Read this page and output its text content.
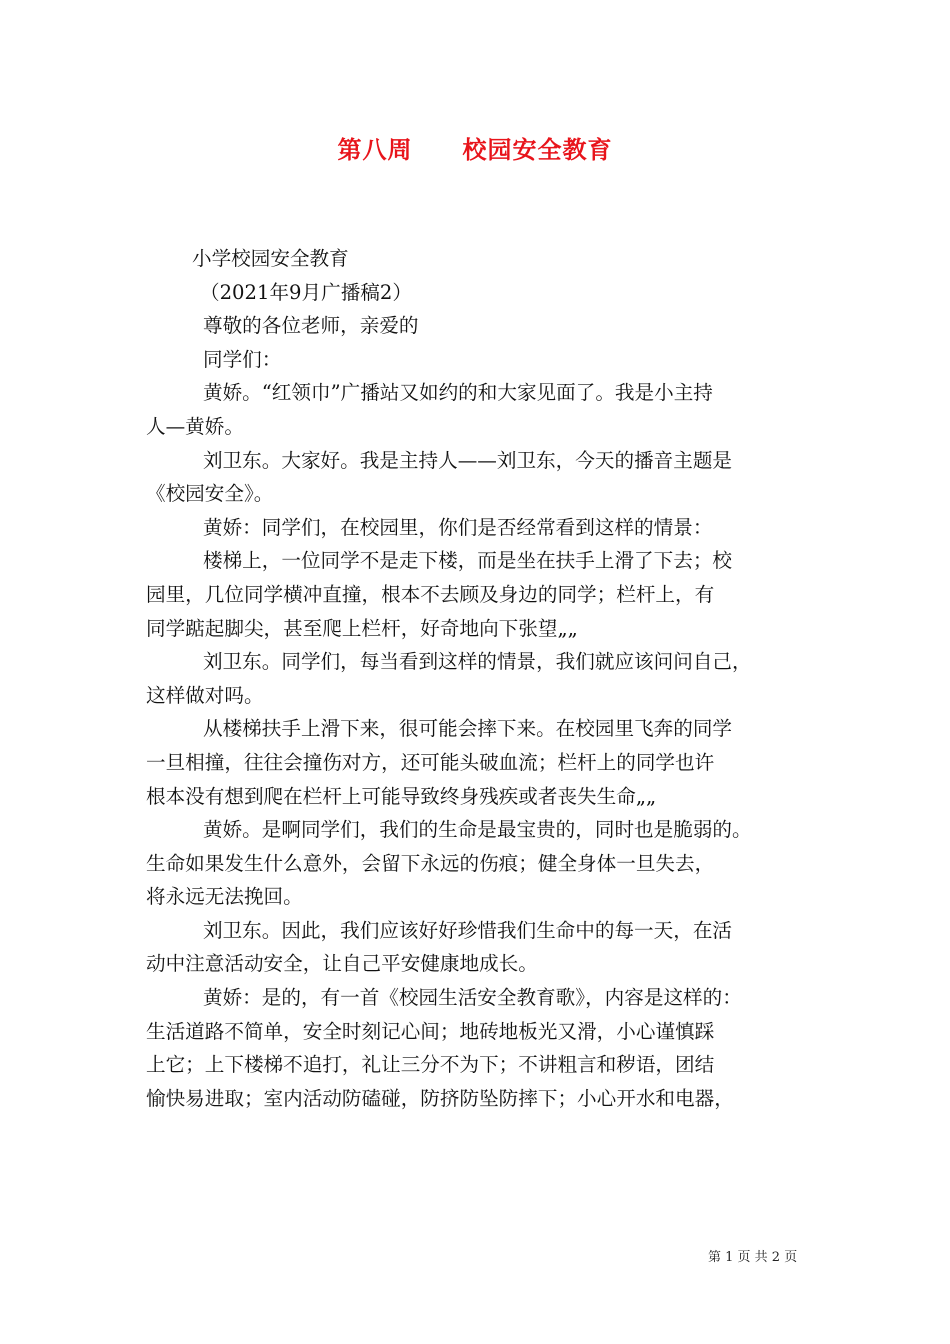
第八周　　校园安全教育
小学校园安全教育
（2021年9月广播稿2）
尊敬的各位老师，亲爱的
同学们：
黄娇。“红领巾”广播站又如约的和大家见面了。我是小主持
人—黄娇。
刘卫东。大家好。我是主持人——刘卫东，今天的播音主题是
《校园安全》。
黄娇：同学们，在校园里，你们是否经常看到这样的情景：
楼梯上，一位同学不是走下楼，而是坐在扶手上滑了下去；校
园里，几位同学横冲直撞，根本不去顾及身边的同学；栏杆上，有
同学踮起脚尖，甚至爬上栏杆，好奇地向下张望„„
刘卫东。同学们，每当看到这样的情景，我们就应该问问自己，
这样做对吗。
从楼梯扶手上滑下来，很可能会摔下来。在校园里飞奔的同学
一旦相撞，往往会撞伤对方，还可能头破血流；栏杆上的同学也许
根本没有想到爬在栏杆上可能导致终身残疾或者丧失生命„„
黄娇。是啊同学们，我们的生命是最宝贵的，同时也是脆弱的。
生命如果发生什么意外，会留下永远的伤痕；健全身体一旦失去，
将永远无法挽回。
刘卫东。因此，我们应该好好珍惜我们生命中的每一天，在活
动中注意活动安全，让自己平安健康地成长。
黄娇：是的，有一首《校园生活安全教育歌》，内容是这样的：
生活道路不简单，安全时刻记心间；地砖地板光又滑，小心谨慎踩
上它；上下楼梯不追打，礼让三分不为下；不讲粗言和秽语，团结
愉快易进取；室内活动防磕碰，防挤防坠防摔下；小心开水和电器，
第 1 页 共 2 页
